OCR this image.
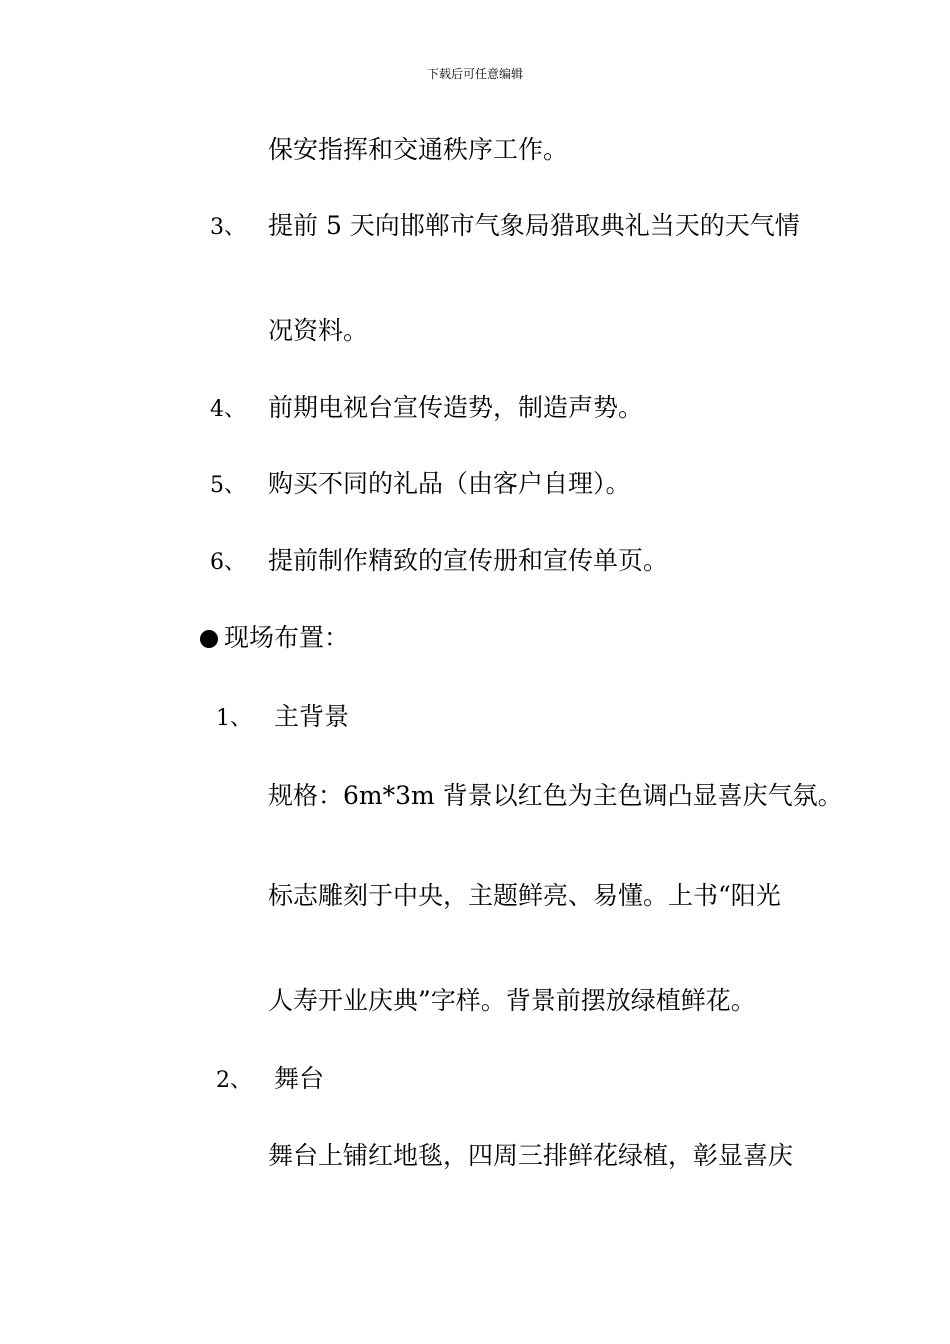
下载后可任意编辑
保安指挥和交通秩序工作。
3、 提前 5 天向邯郸市气象局猎取典礼当天的天气情
况资料。
4、 前期电视台宣传造势，制造声势。
5、 购买不同的礼品（由客户自理）。
6、 提前制作精致的宣传册和宣传单页。
现场布置：
1、 主背景
规格：6m*3m 背景以红色为主色调凸显喜庆气氛。
标志雕刻于中央，主题鲜亮、易懂。上书“阳光
人寿开业庆典”字样。背景前摆放绿植鲜花。
2、 舞台
舞台上铺红地毯，四周三排鲜花绿植，彰显喜庆
